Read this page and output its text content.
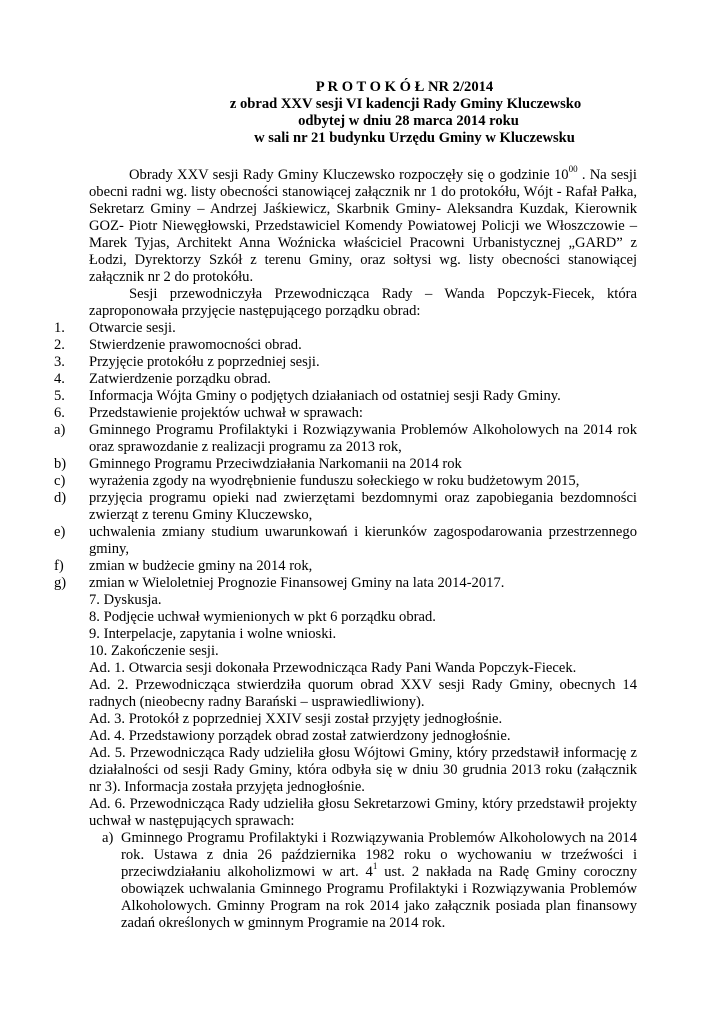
P R O T O K Ó Ł NR 2/2014
z obrad XXV sesji VI kadencji Rady Gminy Kluczewsko
odbytej w dniu 28 marca 2014 roku
w sali nr 21 budynku Urzędu Gminy w Kluczewsku

Obrady XXV sesji Rady Gminy Kluczewsko rozpoczęły się o godzinie $10^{00}$ . Na sesji obecni radni wg. listy obecności stanowiącej załącznik nr 1 do protokółu, Wójt - Rafał Pałka, Sekretarz Gminy – Andrzej Jaśkiewicz, Skarbnik Gminy- Aleksandra Kuzdak, Kierownik GOZ- Piotr Niewęgłowski, Przedstawiciel Komendy Powiatowej Policji we Włoszczowie – Marek Tyjas, Architekt Anna Woźnicka właściciel Pracowni Urbanistycznej „GARD” z Łodzi, Dyrektorzy Szkół z terenu Gminy, oraz sołtysi wg. listy obecności stanowiącej załącznik nr 2 do protokółu.

Sesji przewodniczyła Przewodnicząca Rady – Wanda Popczyk-Fiecek, która zaproponowała przyjęcie następującego porządku obrad:

1. Otwarcie sesji.
2. Stwierdzenie prawomocności obrad.
3. Przyjęcie protokółu z poprzedniej sesji.
4. Zatwierdzenie porządku obrad.
5. Informacja Wójta Gminy o podjętych działaniach od ostatniej sesji Rady Gminy.
6. Przedstawienie projektów uchwał w sprawach:
a) Gminnego Programu Profilaktyki i Rozwiązywania Problemów Alkoholowych na 2014 rok oraz sprawozdanie z realizacji programu za 2013 rok,
b) Gminnego Programu Przeciwdziałania Narkomanii na 2014 rok
c) wyrażenia zgody na wyodrębnienie funduszu sołeckiego w roku budżetowym 2015,
d) przyjęcia programu opieki nad zwierzętami bezdomnymi oraz zapobiegania bezdomności zwierząt z terenu Gminy Kluczewsko,
e) uchwalenia zmiany studium uwarunkowań i kierunków zagospodarowania przestrzennego gminy,
f) zmian w budżecie gminy na 2014 rok,
g) zmian w Wieloletniej Prognozie Finansowej Gminy na lata 2014-2017.

7. Dyskusja.

8. Podjęcie uchwał wymienionych w pkt 6 porządku obrad.

9. Interpelacje, zapytania i wolne wnioski.

10. Zakończenie sesji.

Ad. 1. Otwarcia sesji dokonała Przewodnicząca Rady Pani Wanda Popczyk-Fiecek.

Ad. 2. Przewodnicząca stwierdziła quorum obrad XXV sesji Rady Gminy, obecnych 14 radnych (nieobecny radny Barański – usprawiedliwiony).

Ad. 3. Protokół z poprzedniej XXIV sesji został przyjęty jednogłośnie.

Ad. 4. Przedstawiony porządek obrad został zatwierdzony jednogłośnie.

Ad. 5. Przewodnicząca Rady udzieliła głosu Wójtowi Gminy, który przedstawił informację z działalności od sesji Rady Gminy, która odbyła się w dniu 30 grudnia 2013 roku (załącznik nr 3). Informacja została przyjęta jednogłośnie.

Ad. 6. Przewodnicząca Rady udzieliła głosu Sekretarzowi Gminy, który przedstawił projekty uchwał w następujących sprawach:

a) Gminnego Programu Profilaktyki i Rozwiązywania Problemów Alkoholowych na 2014 rok. Ustawa z dnia 26 października 1982 roku o wychowaniu w trzeźwości i przeciwdziałaniu alkoholizmowi w art. $4^1$ ust. 2 nakłada na Radę Gminy coroczny obowiązek uchwalania Gminnego Programu Profilaktyki i Rozwiązywania Problemów Alkoholowych. Gminny Program na rok 2014 jako załącznik posiada plan finansowy zadań określonych w gminnym Programie na 2014 rok.
